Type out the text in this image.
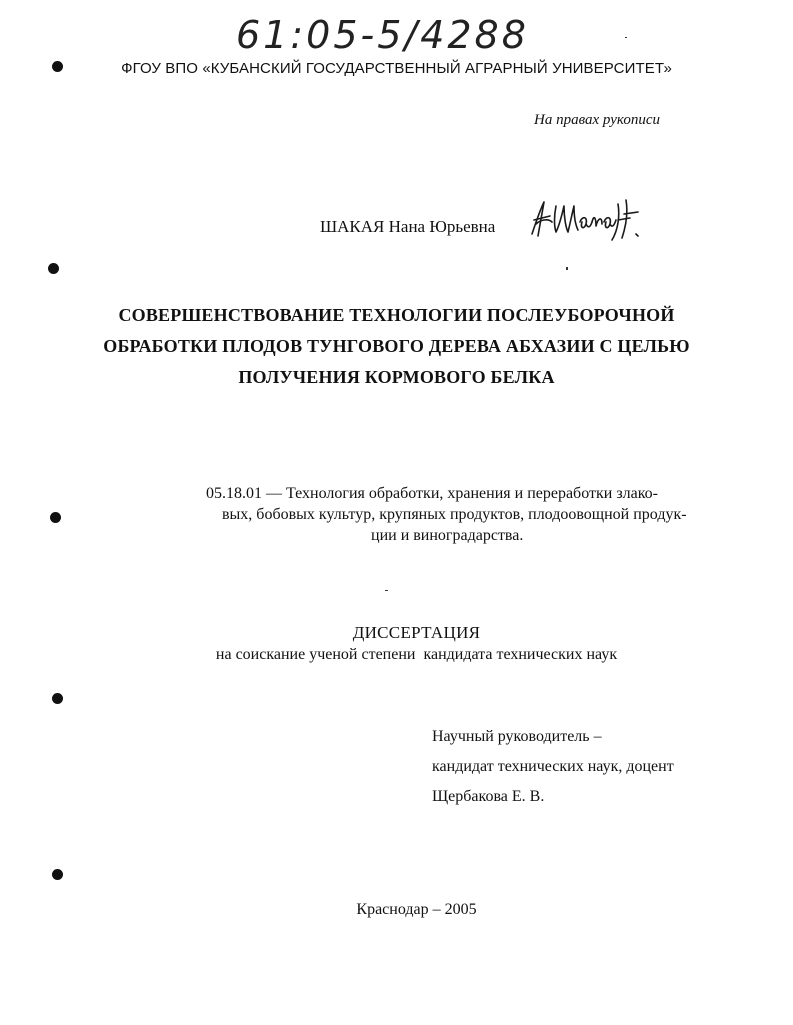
61:05-5/4288
ФГОУ ВПО «КУБАНСКИЙ ГОСУДАРСТВЕННЫЙ АГРАРНЫЙ УНИВЕРСИТЕТ»
На правах рукописи
ШАКАЯ Нана Юрьевна
СОВЕРШЕНСТВОВАНИЕ ТЕХНОЛОГИИ ПОСЛЕУБОРОЧНОЙ
ОБРАБОТКИ ПЛОДОВ ТУНГОВОГО ДЕРЕВА АБХАЗИИ С ЦЕЛЬЮ
ПОЛУЧЕНИЯ КОРМОВОГО БЕЛКА
05.18.01 — Технология обработки, хранения и переработки злако-
вых, бобовых культур, крупяных продуктов, плодоовощной продук-
ции и виноградарства.
ДИССЕРТАЦИЯ
на соискание ученой степени  кандидата технических наук
Научный руководитель –
кандидат технических наук, доцент
Щербакова Е. В.
Краснодар – 2005
